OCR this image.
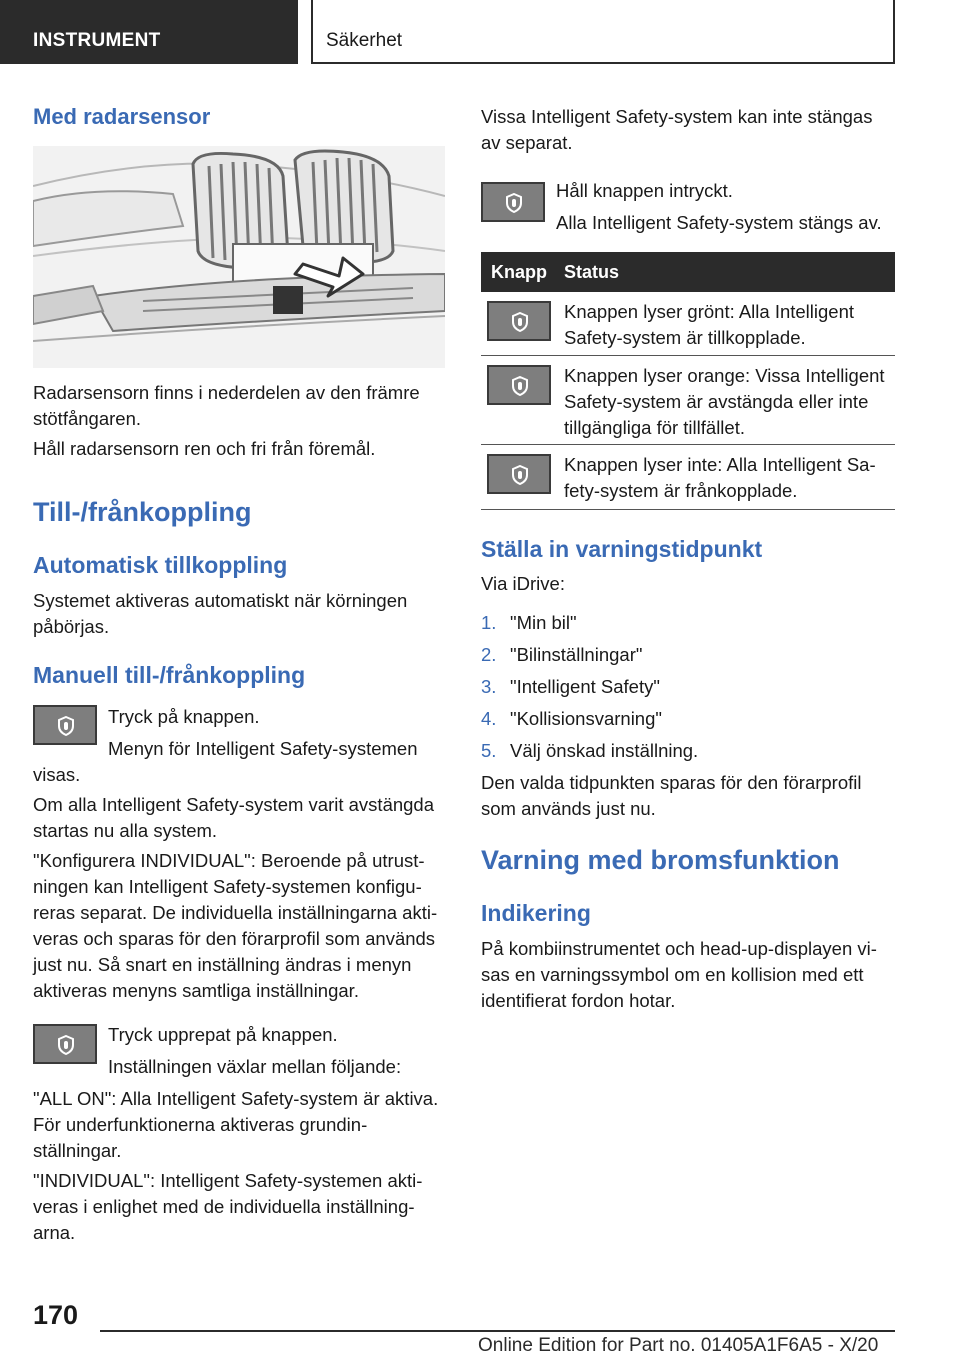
INSTRUMENT	Säkerhet
Med radarsensor

Radarsensorn finns i nederdelen av den främre stötfångaren.

Håll radarsensorn ren och fri från föremål.

Till-/frånkoppling
Automatisk tillkoppling

Systemet aktiveras automatiskt när körningen påbörjas.

Manuell till-/frånkoppling

Tryck på knappen.

Menyn för Intelligent Safety-systemen

visas.

Om alla Intelligent Safety-system varit avstängda startas nu alla system.

"Konfigurera INDIVIDUAL": Beroende på utrustningen kan Intelligent Safety-systemen konfigureras separat. De individuella inställningarna aktiveras och sparas för den förarprofil som används just nu. Så snart en inställning ändras i menyn aktiveras menyns samtliga inställningar.

Tryck upprepat på knappen.

Inställningen växlar mellan följande:

"ALL ON": Alla Intelligent Safety-system är aktiva. För underfunktionerna aktiveras grundinställningar.

"INDIVIDUAL": Intelligent Safety-systemen aktiveras i enlighet med de individuella inställningarna.

Vissa Intelligent Safety-system kan inte stängas av separat.

Håll knappen intryckt.

Alla Intelligent Safety-system stängs av.

Knapp Status

Knappen lyser grönt: Alla Intelligent Safety-system är tillkopplade.

Knappen lyser orange: Vissa Intelligent Safety-system är avstängda eller inte tillgängliga för tillfället.

Knappen lyser inte: Alla Intelligent Safety-system är frånkopplade.

Ställa in varningstidpunkt

Via iDrive:

1. "Min bil"
2. "Bilinställningar"
3. "Intelligent Safety"
4. "Kollisionsvarning"
5. Välj önskad inställning.

Den valda tidpunkten sparas för den förarprofil som används just nu.

Varning med bromsfunktion
Indikering

På kombiinstrumentet och head-up-displayen visas en varningssymbol om en kollision med ett identifierat fordon hotar.

170
Online Edition for Part no. 01405A1F6A5 - X/20
